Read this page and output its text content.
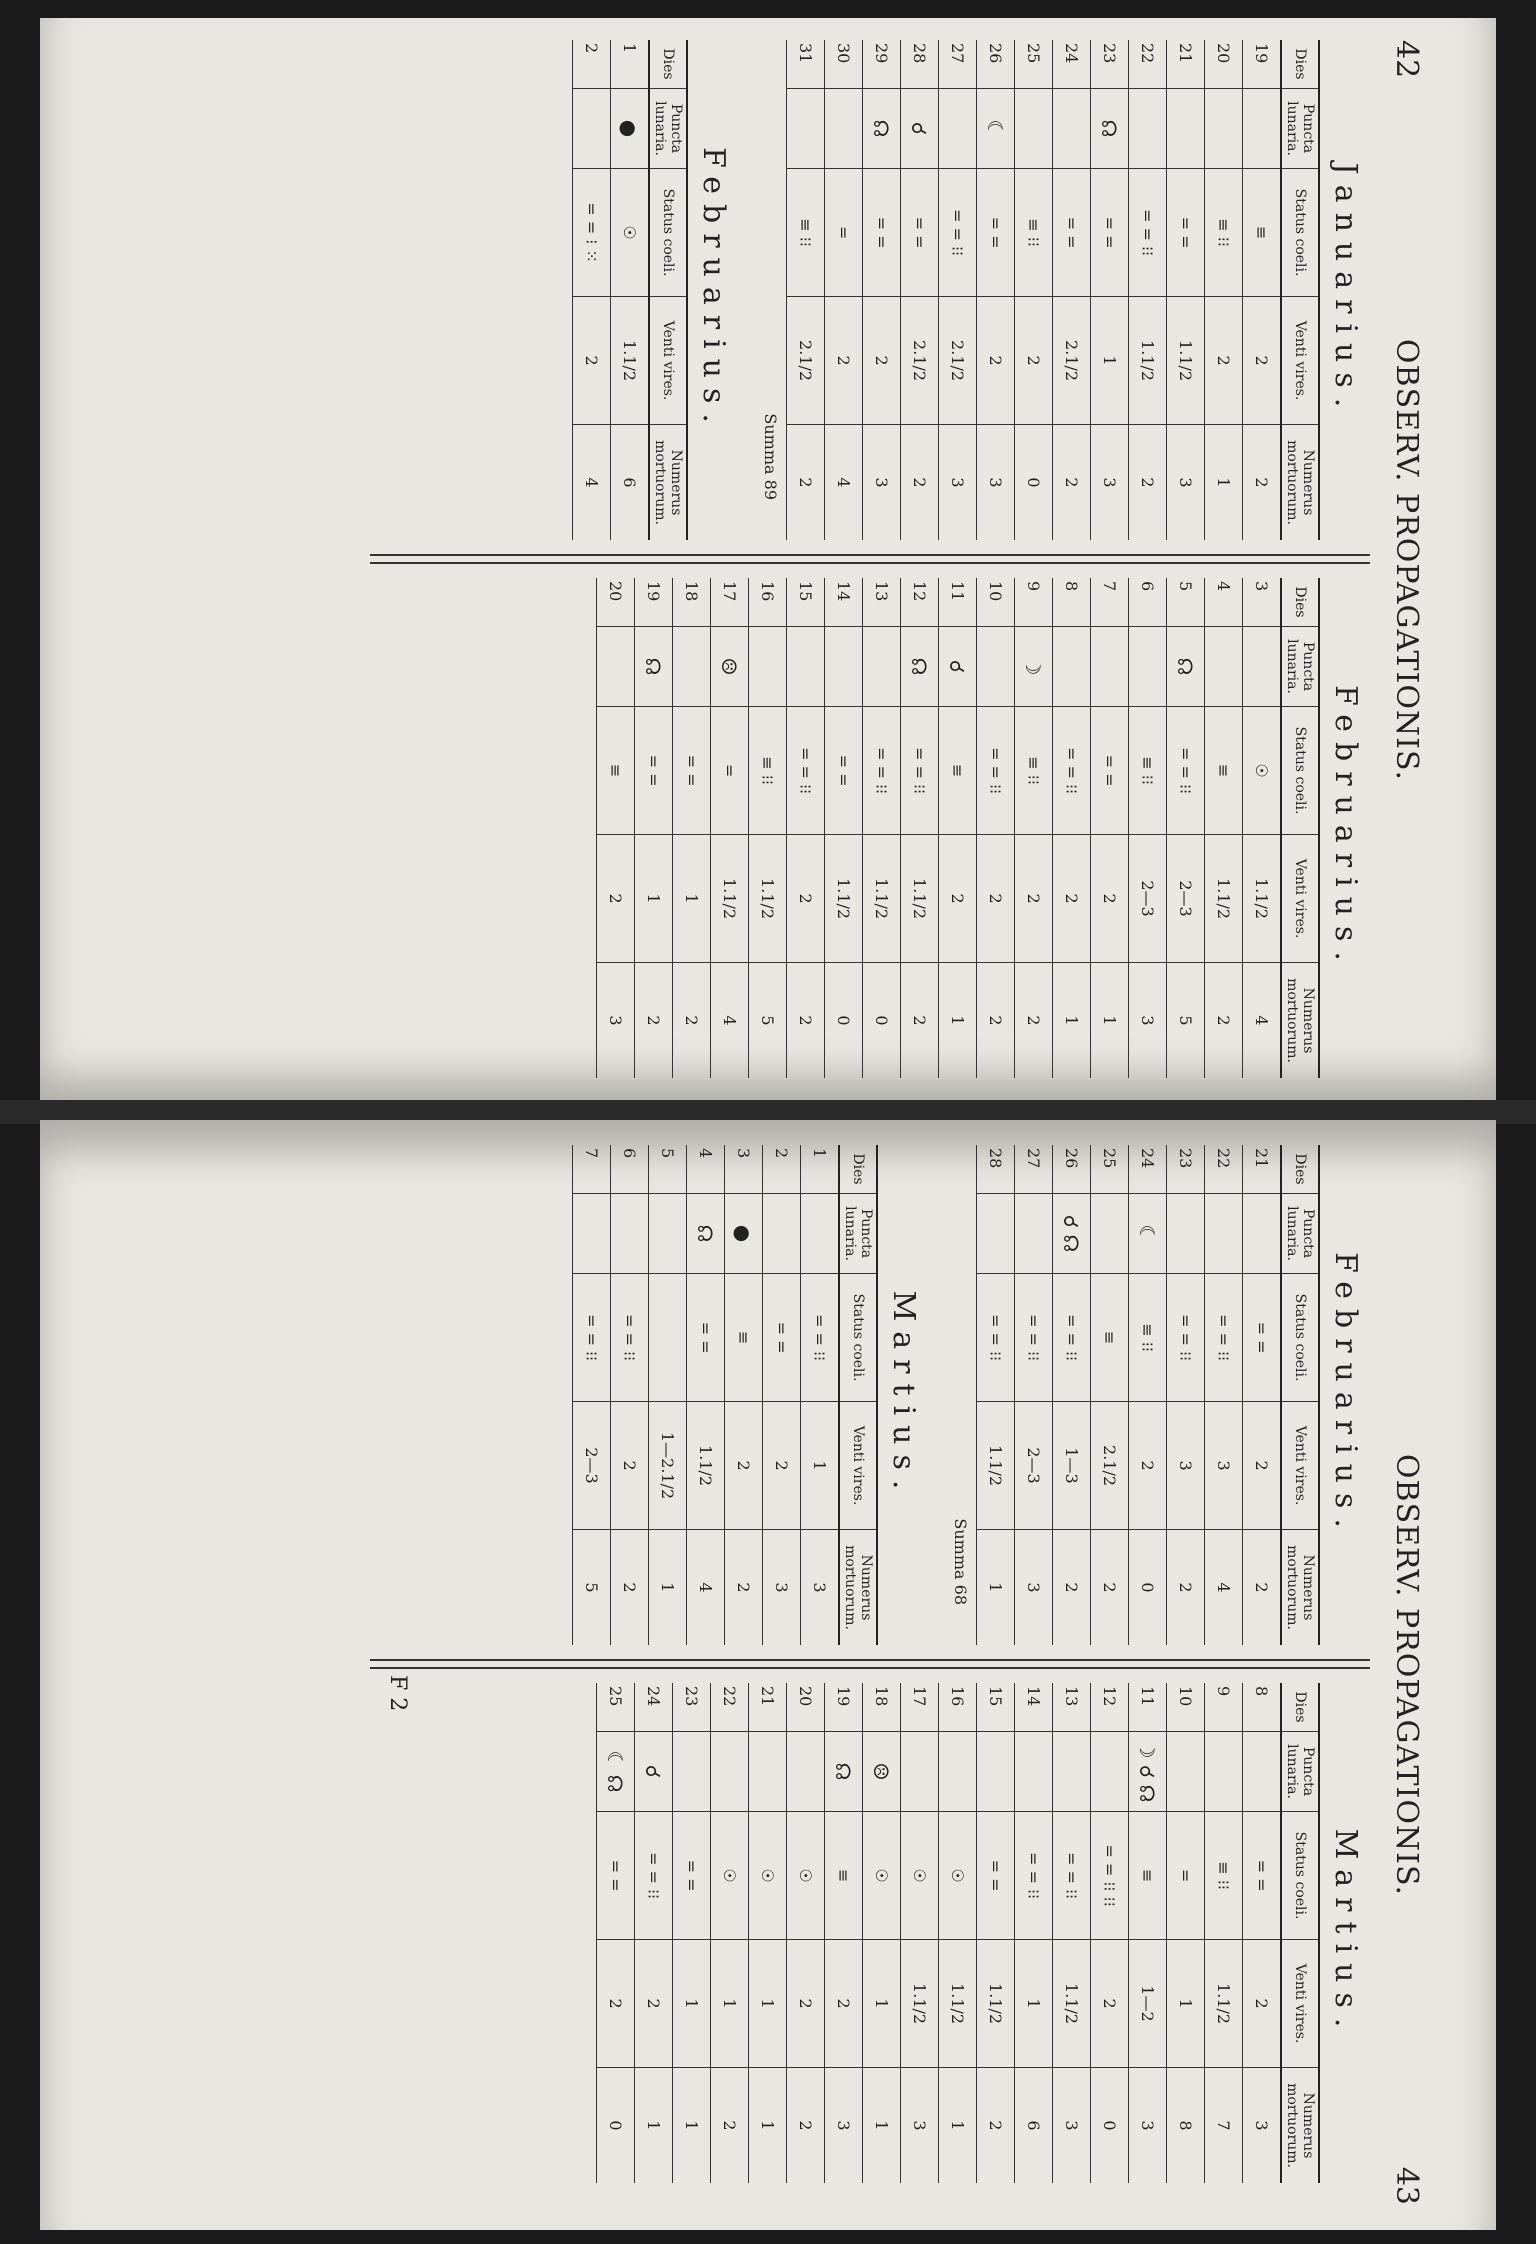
42
OBSERV. PROPAGATIONIS.
Januarius.
Dies	Puncta lunaria.	Status coeli.	Venti vires.	Numerus mortuorum.
19		≡	2	2
20		≡ ⁝⁝	2	1
21		= =	1.1/2	3
22		= = ⁝⁝	1.1/2	2
23	☊	= =	1	3
24		= =	2.1/2	2
25		≡ ⁝⁝	2	0
26	☾	= =	2	3
27		= = ⁝⁝	2.1/2	3
28	☌	= =	2.1/2	2
29	☊	= =	2	3
30		=	2	4
31		≡ ⁝⁝	2.1/2	2
Summa 89
Februarius.
Dies	Puncta lunaria.	Status coeli.	Venti vires.	Numerus mortuorum.
1	●	☉	1.1/2	6
2		= = ⁝ ⁙	2	4
Februarius.
Dies	Puncta lunaria.	Status coeli.	Venti vires.	Numerus mortuorum.
3		☉	1.1/2	4
4		≡	1.1/2	2
5	☊	= = ⁝⁝	2—3	5
6		≡ ⁝⁝	2—3	3
7		= =	2	1
8		= = ⁝⁝	2	1
9	☽	≡ ⁝⁝	2	2
10		= = ⁝⁝	2	2
11	☌	≡	2	1
12	☊	= = ⁝⁝	1.1/2	2
13		= = ⁝⁝	1.1/2	0
14		= =	1.1/2	0
15		= = ⁝⁝	2	2
16		≡ ⁝⁝	1.1/2	5
17	☹	=	1.1/2	4
18		= =	1	2
19	☊	= =	1	2
20		≡	2	3
OBSERV. PROPAGATIONIS.
43
Februarius.
Dies	Puncta lunaria.	Status coeli.	Venti vires.	Numerus mortuorum.
21		= =	2	2
22		= = ⁝⁝	3	4
23		= = ⁝⁝	3	2
24	☾	≡ ⁝⁝	2	0
25		≡	2.1/2	2
26	☌ ☊	= = ⁝⁝	1—3	2
27		= = ⁝⁝	2—3	3
28		= = ⁝⁝	1.1/2	1
Summa 68
Martius.
Dies	Puncta lunaria.	Status coeli.	Venti vires.	Numerus mortuorum.
1		= = ⁝⁝	1	3
2		= =	2	3
3	●	≡	2	2
4	☊	= =	1.1/2	4
5			1—2.1/2	1
6		= = ⁝⁝	2	2
7		= = ⁝⁝	2—3	5
Martius.
Dies	Puncta lunaria.	Status coeli.	Venti vires.	Numerus mortuorum.
8		= =	2	3
9		≡ ⁝⁝	1.1/2	7
10		=	1	8
11	☽ ☌ ☊	≡	1—2	3
12		= = ⁝⁝ ⁝⁝	2	0
13		= = ⁝⁝	1.1/2	3
14		= = ⁝⁝	1	6
15		= =	1.1/2	2
16		☉	1.1/2	1
17		☉	1.1/2	3
18	☹	☉	1	1
19	☊	≡	2	3
20		☉	2	2
21		☉	1	1
22		☉	1	2
23		= =	1	1
24	☌	= = ⁝⁝	2	1
25	☾ ☊	= =	2	0
F 2
